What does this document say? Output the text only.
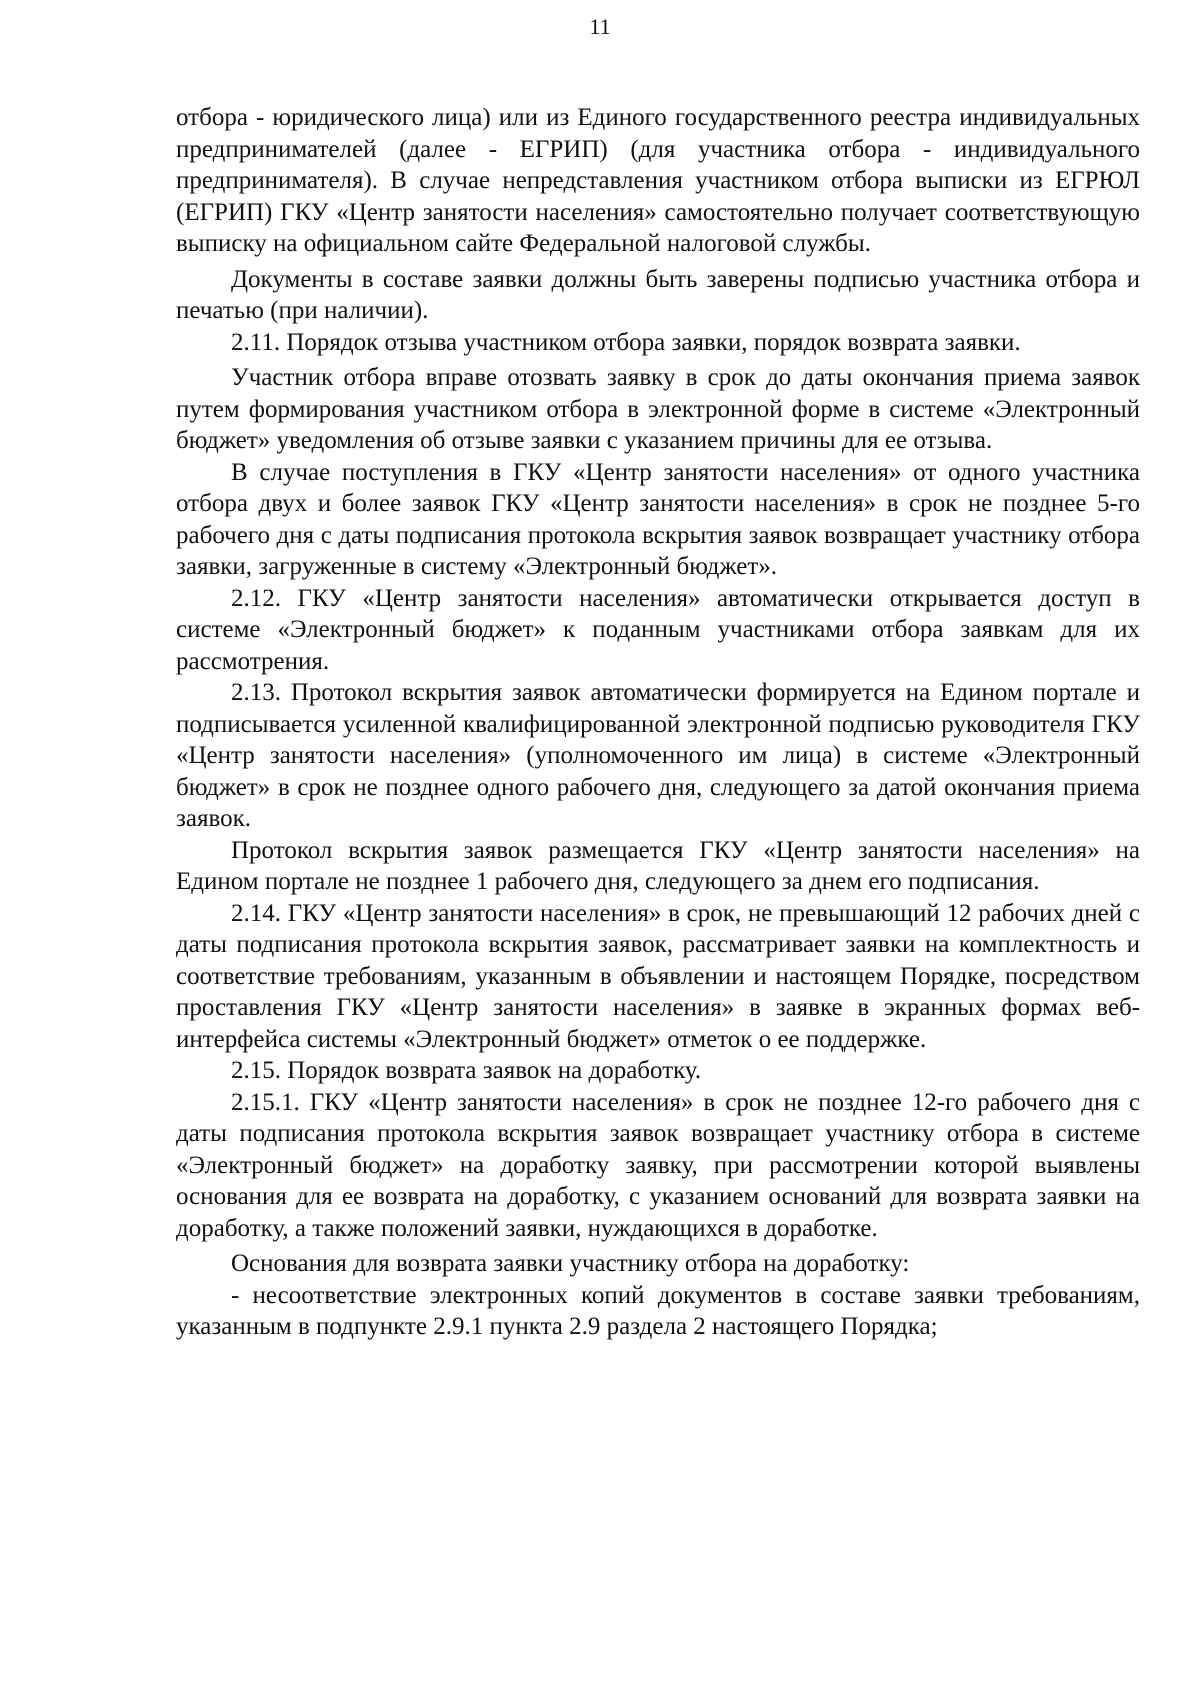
11

отбора - юридического лица) или из Единого государственного реестра индивидуальных предпринимателей (далее - ЕГРИП) (для участника отбора - индивидуального предпринимателя). В случае непредставления участником отбора выписки из ЕГРЮЛ (ЕГРИП) ГКУ «Центр занятости населения» самостоятельно получает соответствующую выписку на официальном сайте Федеральной налоговой службы.

Документы в составе заявки должны быть заверены подписью участника отбора и печатью (при наличии).

2.11. Порядок отзыва участником отбора заявки, порядок возврата заявки.

Участник отбора вправе отозвать заявку в срок до даты окончания приема заявок путем формирования участником отбора в электронной форме в системе «Электронный бюджет» уведомления об отзыве заявки с указанием причины для ее отзыва.

В случае поступления в ГКУ «Центр занятости населения» от одного участника отбора двух и более заявок ГКУ «Центр занятости населения» в срок не позднее 5-го рабочего дня с даты подписания протокола вскрытия заявок возвращает участнику отбора заявки, загруженные в систему «Электронный бюджет».

2.12. ГКУ «Центр занятости населения» автоматически открывается доступ в системе «Электронный бюджет» к поданным участниками отбора заявкам для их рассмотрения.

2.13. Протокол вскрытия заявок автоматически формируется на Едином портале и подписывается усиленной квалифицированной электронной подписью руководителя ГКУ «Центр занятости населения» (уполномоченного им лица) в системе «Электронный бюджет» в срок не позднее одного рабочего дня, следующего за датой окончания приема заявок.

Протокол вскрытия заявок размещается ГКУ «Центр занятости населения» на Едином портале не позднее 1 рабочего дня, следующего за днем его подписания.

2.14. ГКУ «Центр занятости населения» в срок, не превышающий 12 рабочих дней с даты подписания протокола вскрытия заявок, рассматривает заявки на комплектность и соответствие требованиям, указанным в объявлении и настоящем Порядке, посредством проставления ГКУ «Центр занятости населения» в заявке в экранных формах веб-интерфейса системы «Электронный бюджет» отметок о ее поддержке.

2.15. Порядок возврата заявок на доработку.

2.15.1. ГКУ «Центр занятости населения» в срок не позднее 12-го рабочего дня с даты подписания протокола вскрытия заявок возвращает участнику отбора в системе «Электронный бюджет» на доработку заявку, при рассмотрении которой выявлены основания для ее возврата на доработку, с указанием оснований для возврата заявки на доработку, а также положений заявки, нуждающихся в доработке.

Основания для возврата заявки участнику отбора на доработку:

- несоответствие электронных копий документов в составе заявки требованиям, указанным в подпункте 2.9.1 пункта 2.9 раздела 2 настоящего Порядка;
